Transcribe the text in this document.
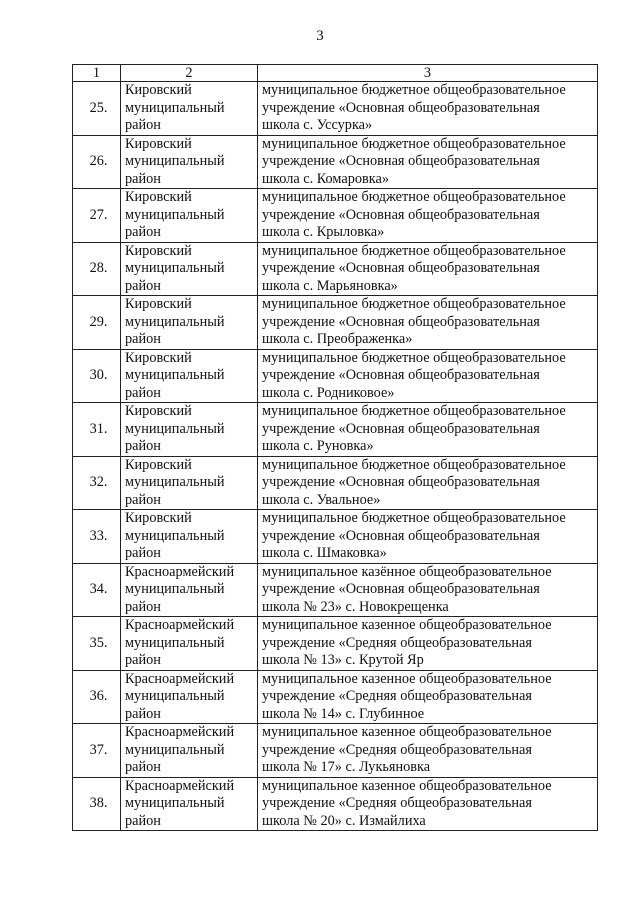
3
1	2	3
25.	Кировский
муниципальный
район	муниципальное бюджетное общеобразовательное
учреждение «Основная общеобразовательная
школа с. Уссурка»

26.	Кировский
муниципальный
район	муниципальное бюджетное общеобразовательное
учреждение «Основная общеобразовательная
школа с. Комаровка»

27.	Кировский
муниципальный
район	муниципальное бюджетное общеобразовательное
учреждение «Основная общеобразовательная
школа с. Крыловка»

28.	Кировский
муниципальный
район	муниципальное бюджетное общеобразовательное
учреждение «Основная общеобразовательная
школа с. Марьяновка»

29.	Кировский
муниципальный
район	муниципальное бюджетное общеобразовательное
учреждение «Основная общеобразовательная
школа с. Преображенка»

30.	Кировский
муниципальный
район	муниципальное бюджетное общеобразовательное
учреждение «Основная общеобразовательная
школа с. Родниковое»

31.	Кировский
муниципальный
район	муниципальное бюджетное общеобразовательное
учреждение «Основная общеобразовательная
школа с. Руновка»

32.	Кировский
муниципальный
район	муниципальное бюджетное общеобразовательное
учреждение «Основная общеобразовательная
школа с. Увальное»

33.	Кировский
муниципальный
район	муниципальное бюджетное общеобразовательное
учреждение «Основная общеобразовательная
школа с. Шмаковка»

34.	Красноармейский
муниципальный
район	муниципальное казённое общеобразовательное
учреждение «Основная общеобразовательная
школа № 23» с. Новокрещенка

35.	Красноармейский
муниципальный
район	муниципальное казенное общеобразовательное
учреждение «Средняя общеобразовательная
школа № 13» с. Крутой Яр

36.	Красноармейский
муниципальный
район	муниципальное казенное общеобразовательное
учреждение «Средняя общеобразовательная
школа № 14» с. Глубинное

37.	Красноармейский
муниципальный
район	муниципальное казенное общеобразовательное
учреждение «Средняя общеобразовательная
школа № 17» с. Лукьяновка

38.	Красноармейский
муниципальный
район	муниципальное казенное общеобразовательное
учреждение «Средняя общеобразовательная
школа № 20» с. Измайлиха
